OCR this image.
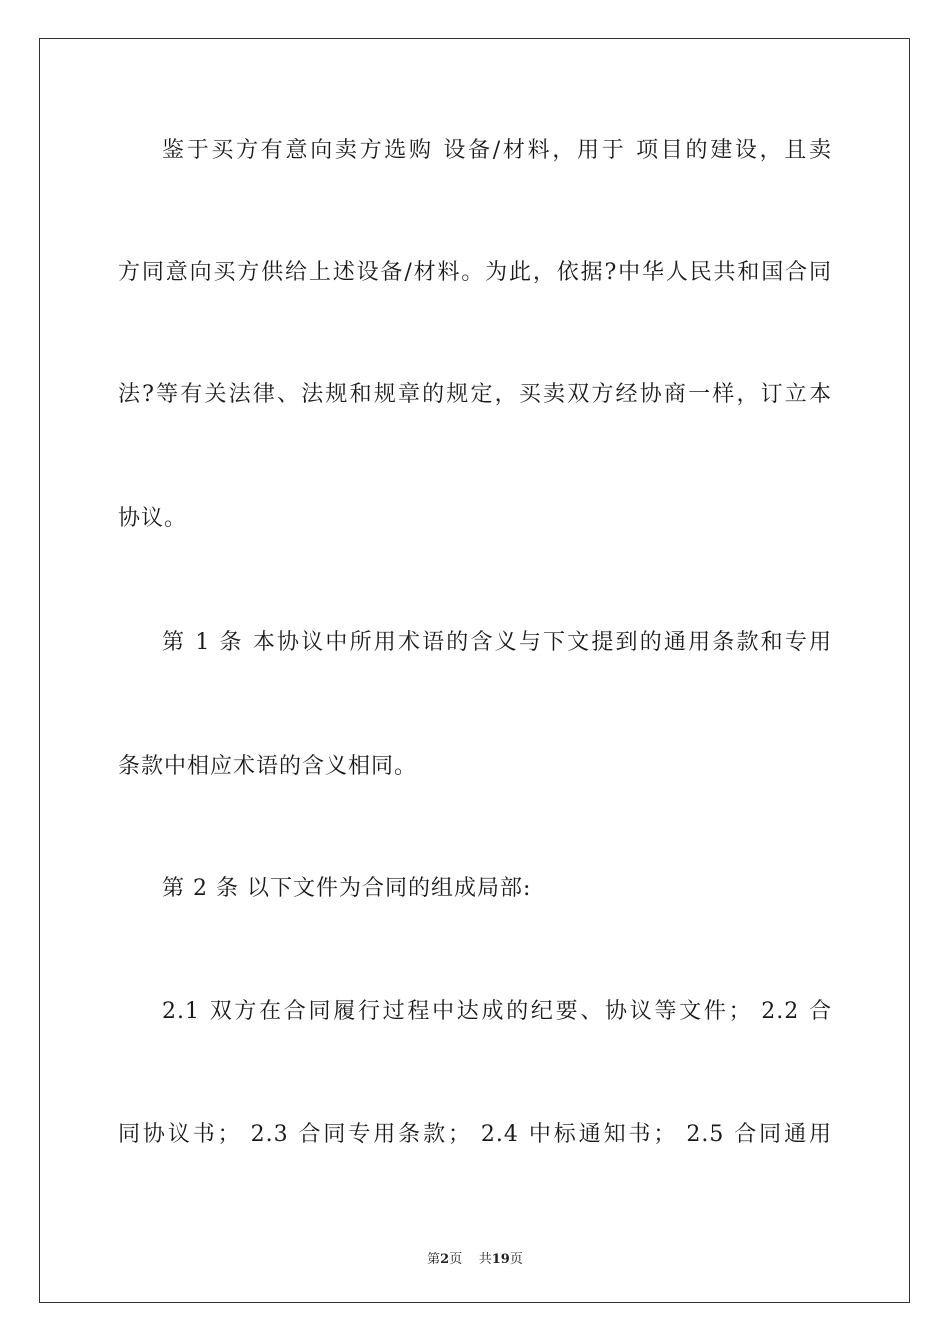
鉴于买方有意向卖方选购 设备/材料，用于 项目的建设，且卖
方同意向买方供给上述设备/材料。为此，依据?中华人民共和国合同
法?等有关法律、法规和规章的规定，买卖双方经协商一样，订立本
协议。
第 1 条 本协议中所用术语的含义与下文提到的通用条款和专用
条款中相应术语的含义相同。
第 2 条 以下文件为合同的组成局部:
2.1 双方在合同履行过程中达成的纪要、协议等文件； 2.2 合
同协议书； 2.3 合同专用条款； 2.4 中标通知书； 2.5 合同通用
第2页 共19页
